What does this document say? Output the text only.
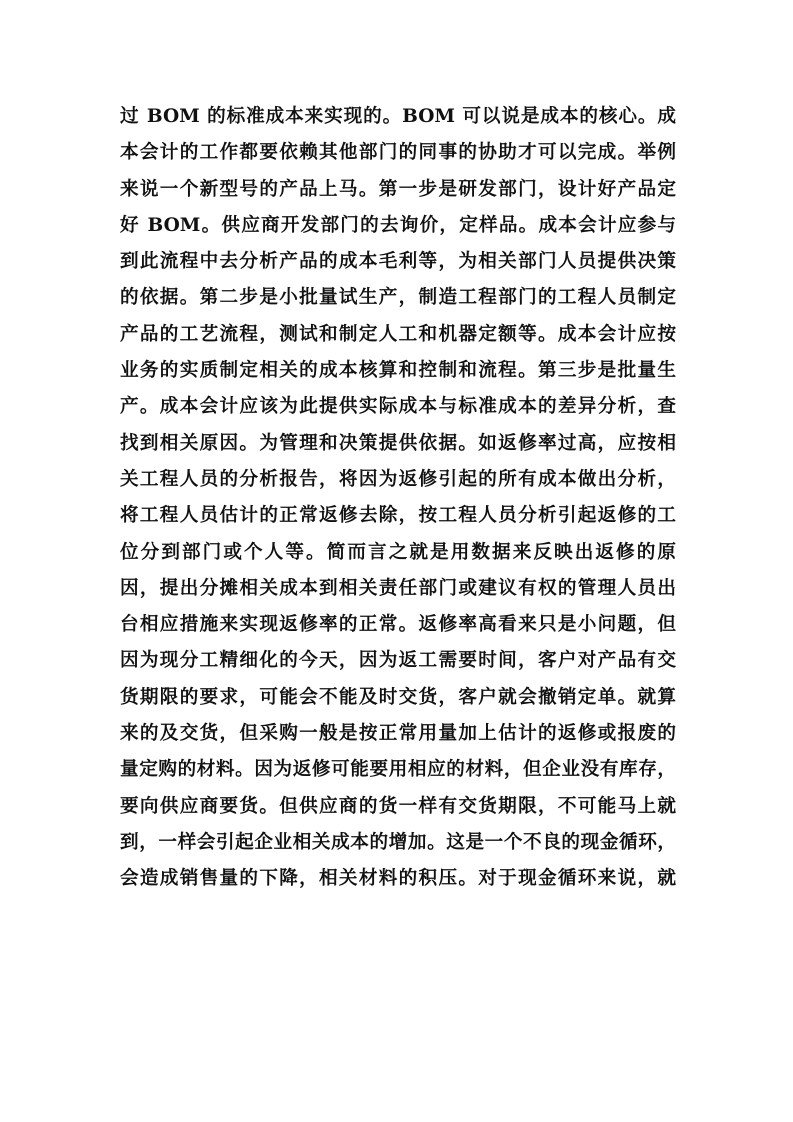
过 BOM 的标准成本来实现的。BOM 可以说是成本的核心。成
本会计的工作都要依赖其他部门的同事的协助才可以完成。举例
来说一个新型号的产品上马。第一步是研发部门，设计好产品定
好 BOM。供应商开发部门的去询价，定样品。成本会计应参与
到此流程中去分析产品的成本毛利等，为相关部门人员提供决策
的依据。第二步是小批量试生产，制造工程部门的工程人员制定
产品的工艺流程，测试和制定人工和机器定额等。成本会计应按
业务的实质制定相关的成本核算和控制和流程。第三步是批量生
产。成本会计应该为此提供实际成本与标准成本的差异分析，查
找到相关原因。为管理和决策提供依据。如返修率过高，应按相
关工程人员的分析报告，将因为返修引起的所有成本做出分析，
将工程人员估计的正常返修去除，按工程人员分析引起返修的工
位分到部门或个人等。简而言之就是用数据来反映出返修的原
因，提出分摊相关成本到相关责任部门或建议有权的管理人员出
台相应措施来实现返修率的正常。返修率高看来只是小问题，但
因为现分工精细化的今天，因为返工需要时间，客户对产品有交
货期限的要求，可能会不能及时交货，客户就会撤销定单。就算
来的及交货，但采购一般是按正常用量加上估计的返修或报废的
量定购的材料。因为返修可能要用相应的材料，但企业没有库存，
要向供应商要货。但供应商的货一样有交货期限，不可能马上就
到，一样会引起企业相关成本的增加。这是一个不良的现金循环，
会造成销售量的下降，相关材料的积压。对于现金循环来说，就
